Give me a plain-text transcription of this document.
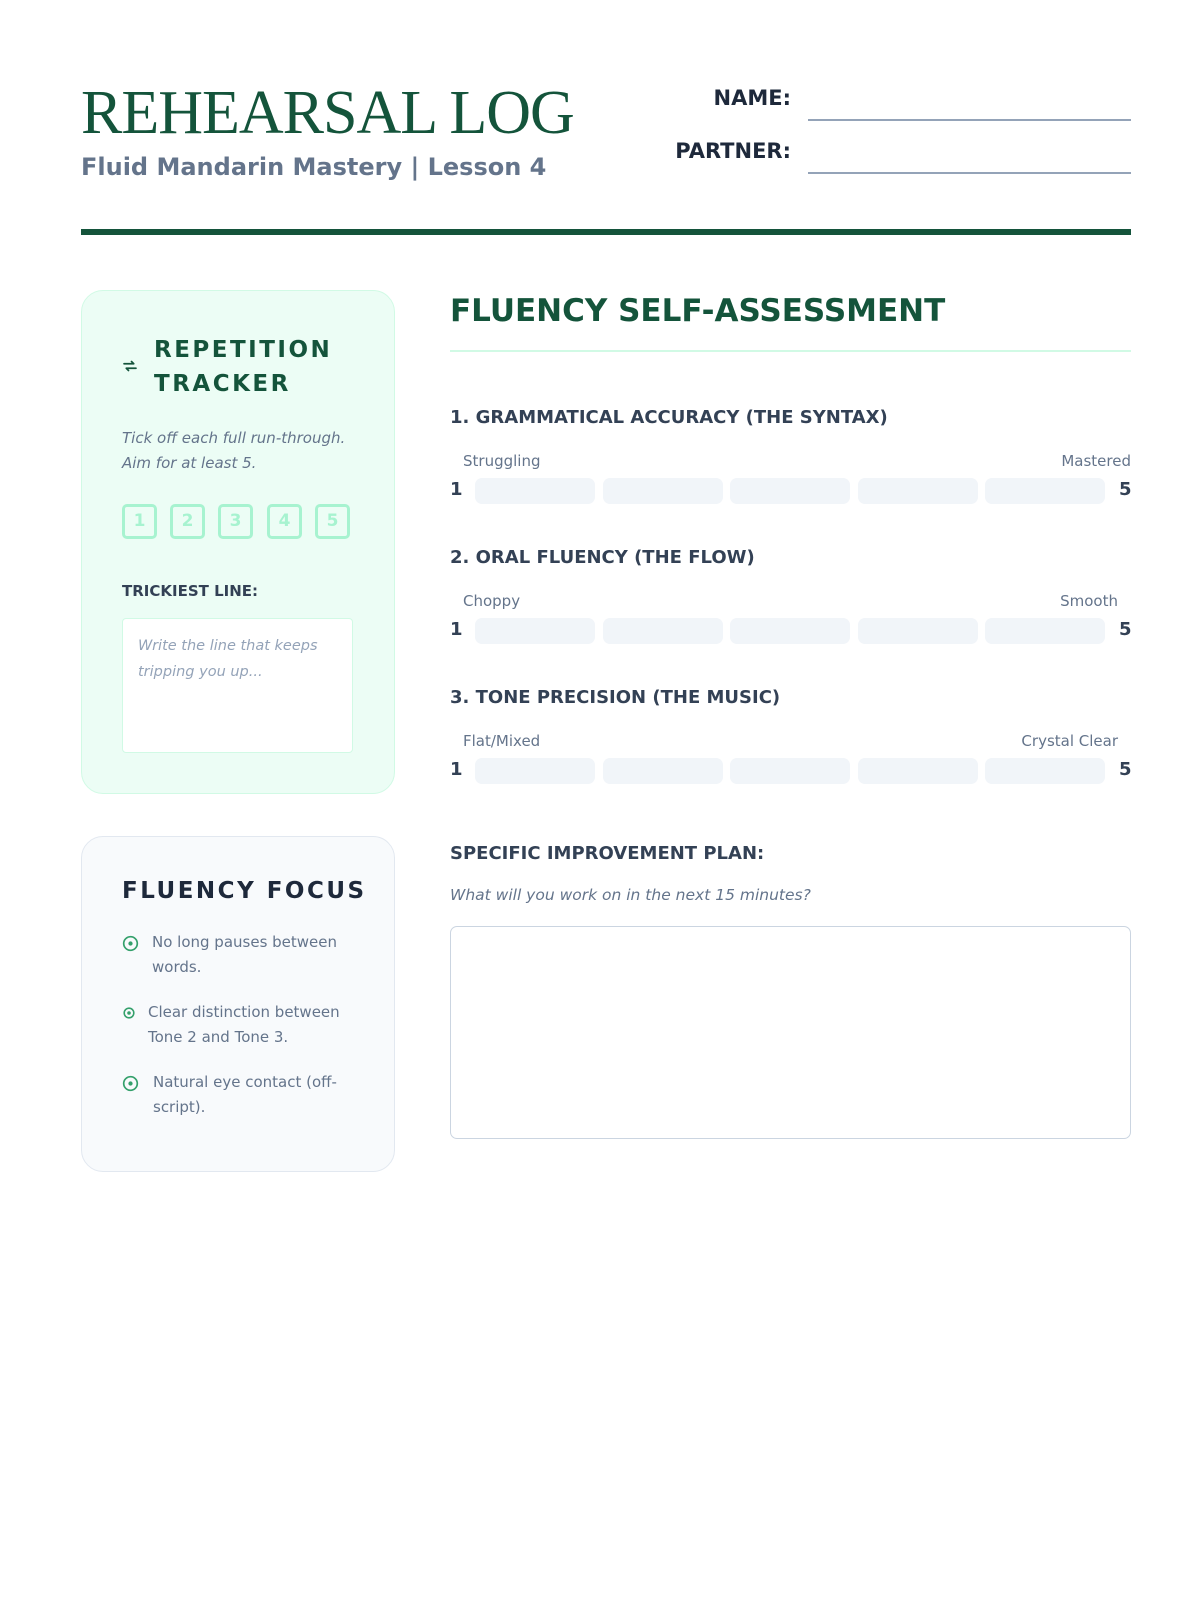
REHEARSAL LOG
Fluid Mandarin Mastery | Lesson 4
NAME:
PARTNER:
REPETITION TRACKER
Tick off each full run-through. Aim for at least 5.
1	2	3	4	5
TRICKIEST LINE:
Write the line that keeps tripping you up...
FLUENCY FOCUS
No long pauses between words.
Clear distinction between Tone 2 and Tone 3.
Natural eye contact (off-script).
FLUENCY SELF-ASSESSMENT
1. GRAMMATICAL ACCURACY (THE SYNTAX)
Struggling	Mastered
1	5
2. ORAL FLUENCY (THE FLOW)
Choppy	Smooth
1	5
3. TONE PRECISION (THE MUSIC)
Flat/Mixed	Crystal Clear
1	5
SPECIFIC IMPROVEMENT PLAN:
What will you work on in the next 15 minutes?
